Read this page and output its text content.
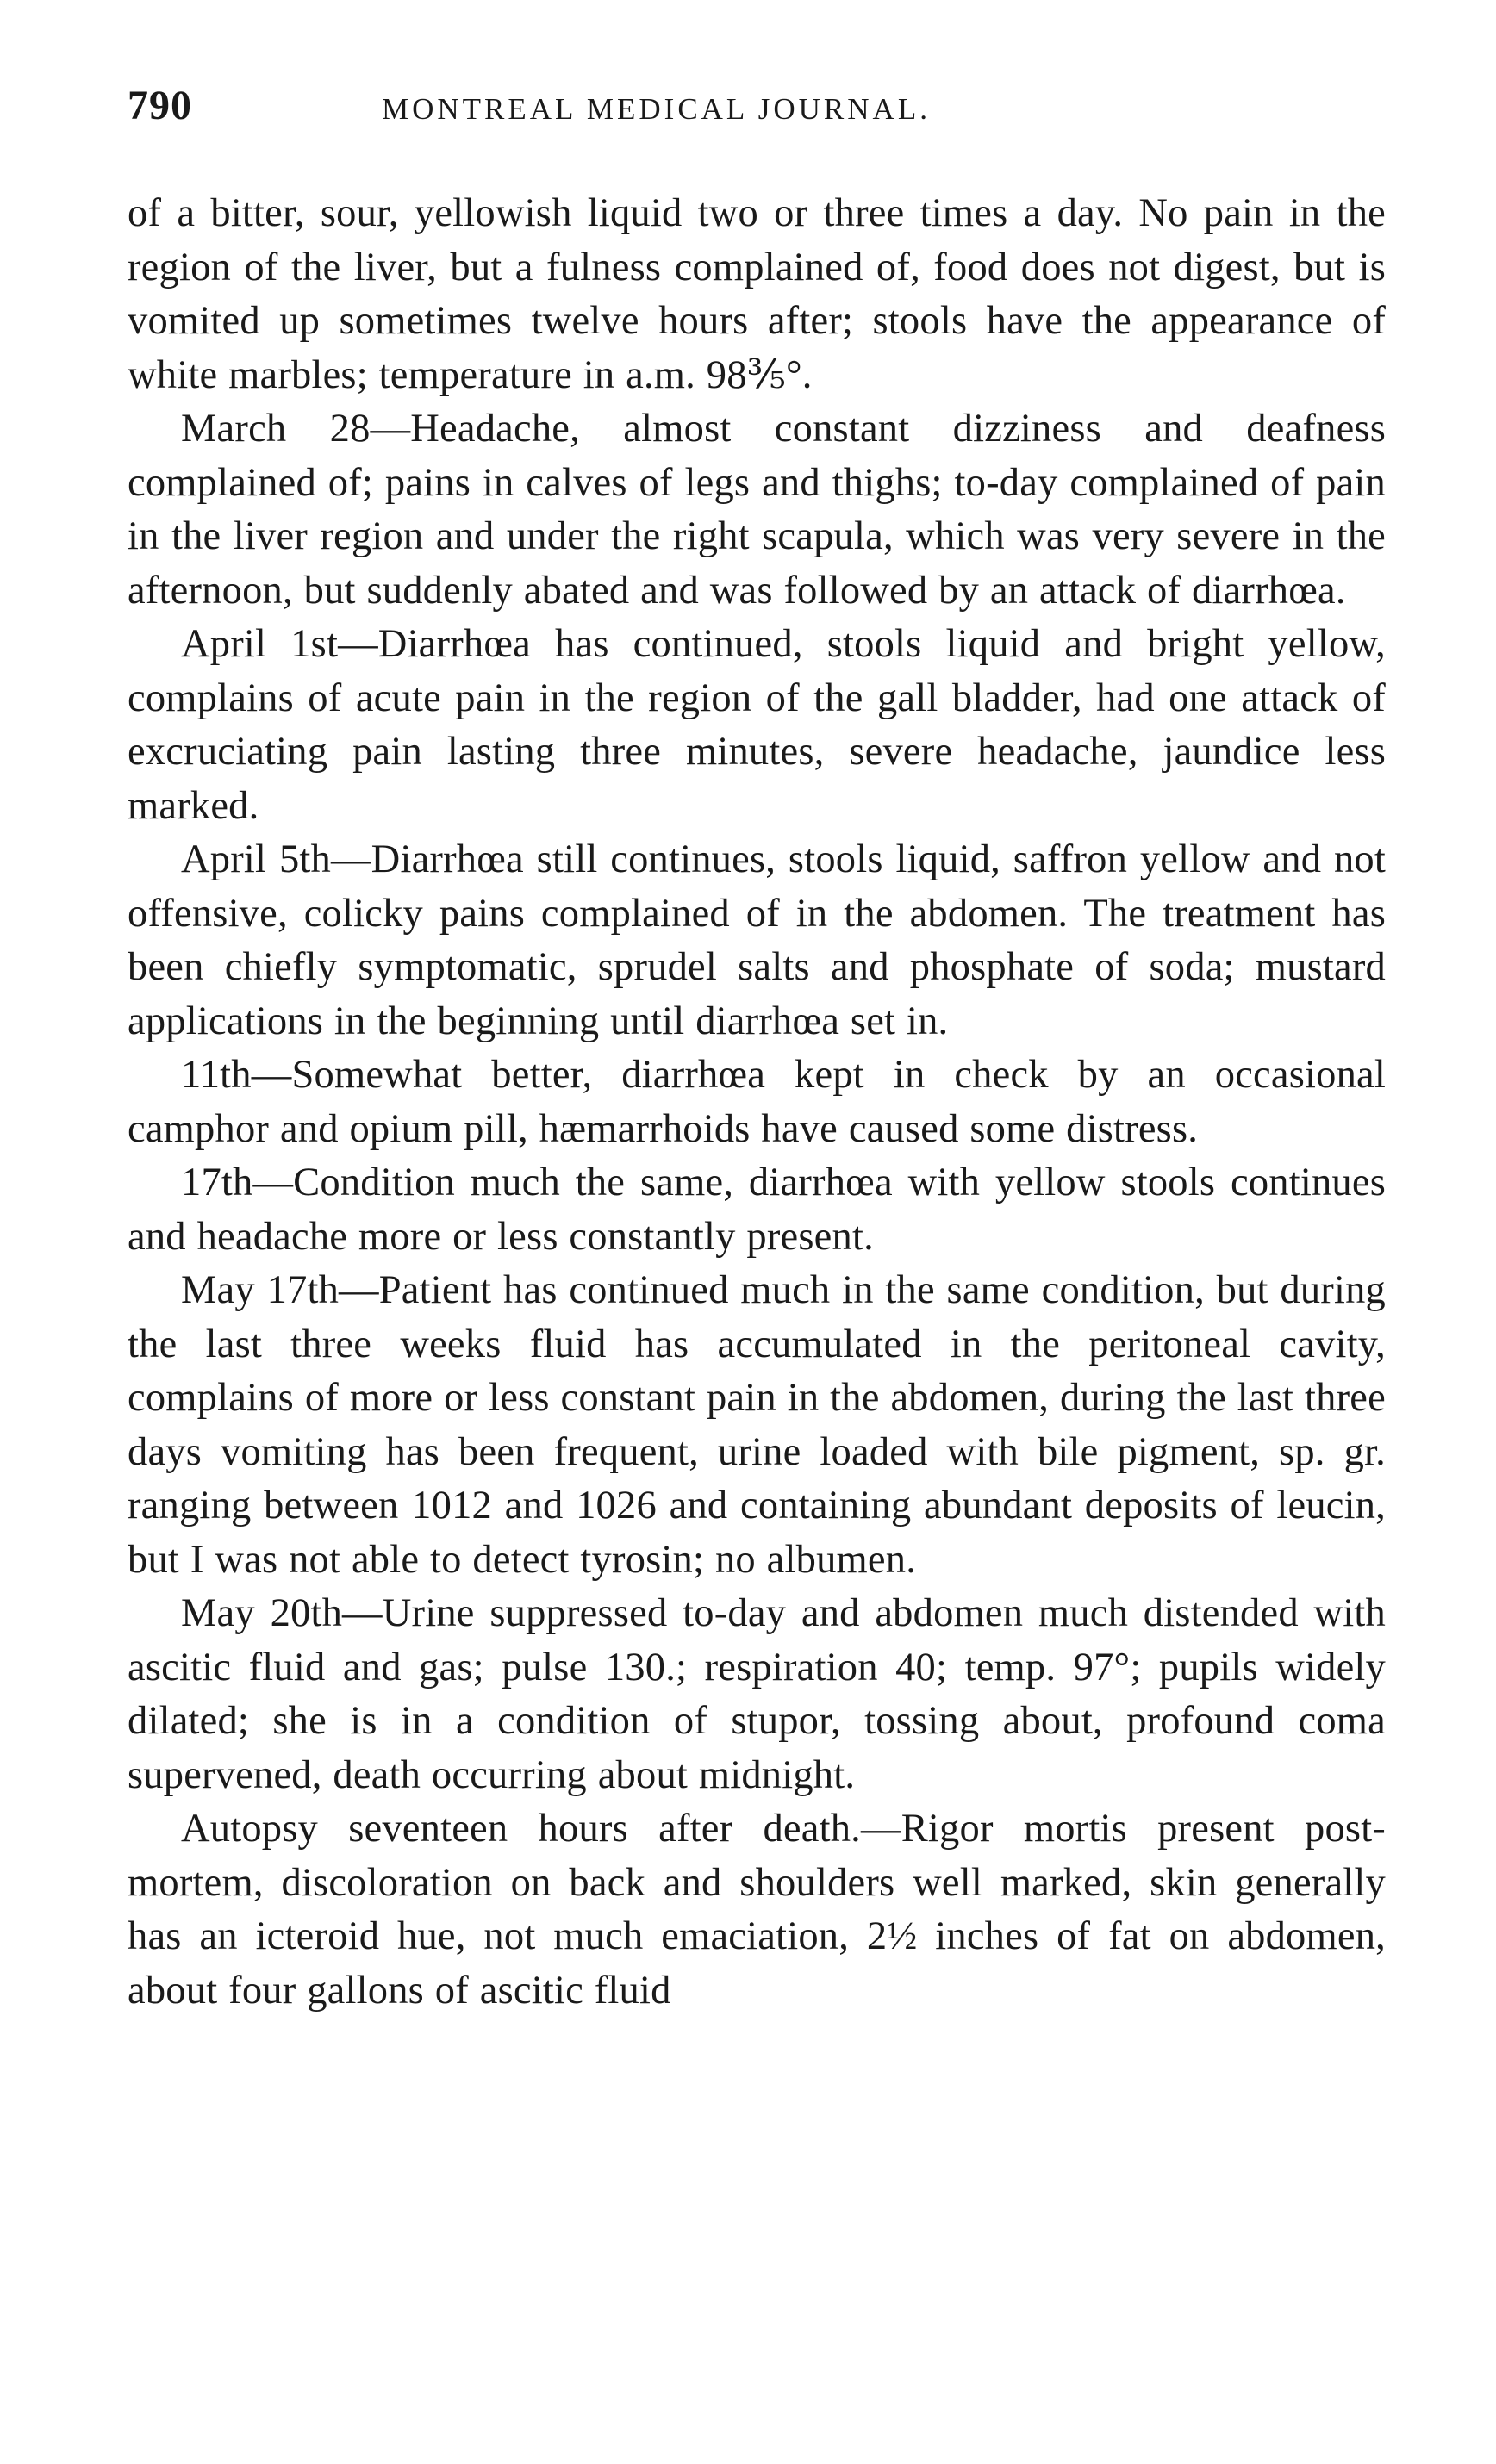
790	MONTREAL MEDICAL JOURNAL.

of a bitter, sour, yellowish liquid two or three times a day. No pain in the region of the liver, but a fulness complained of, food does not digest, but is vomited up sometimes twelve hours after; stools have the appearance of white marbles; temperature in a.m. 98⅗°.

March 28—Headache, almost constant dizziness and deafness complained of; pains in calves of legs and thighs; to-day complained of pain in the liver region and under the right scapula, which was very severe in the afternoon, but suddenly abated and was followed by an attack of diarrhœa.

April 1st—Diarrhœa has continued, stools liquid and bright yellow, complains of acute pain in the region of the gall bladder, had one attack of excruciating pain lasting three minutes, severe headache, jaundice less marked.

April 5th—Diarrhœa still continues, stools liquid, saffron yellow and not offensive, colicky pains complained of in the abdomen. The treatment has been chiefly symptomatic, sprudel salts and phosphate of soda; mustard applications in the beginning until diarrhœa set in.

11th—Somewhat better, diarrhœa kept in check by an occasional camphor and opium pill, hæmarrhoids have caused some distress.

17th—Condition much the same, diarrhœa with yellow stools continues and headache more or less constantly present.

May 17th—Patient has continued much in the same condition, but during the last three weeks fluid has accumulated in the peritoneal cavity, complains of more or less constant pain in the abdomen, during the last three days vomiting has been frequent, urine loaded with bile pigment, sp. gr. ranging between 1012 and 1026 and containing abundant deposits of leucin, but I was not able to detect tyrosin; no albumen.

May 20th—Urine suppressed to-day and abdomen much distended with ascitic fluid and gas; pulse 130.; respiration 40; temp. 97°; pupils widely dilated; she is in a condition of stupor, tossing about, profound coma supervened, death occurring about midnight.

Autopsy seventeen hours after death.—Rigor mortis present post-mortem, discoloration on back and shoulders well marked, skin generally has an icteroid hue, not much emaciation, 2½ inches of fat on abdomen, about four gallons of ascitic fluid
